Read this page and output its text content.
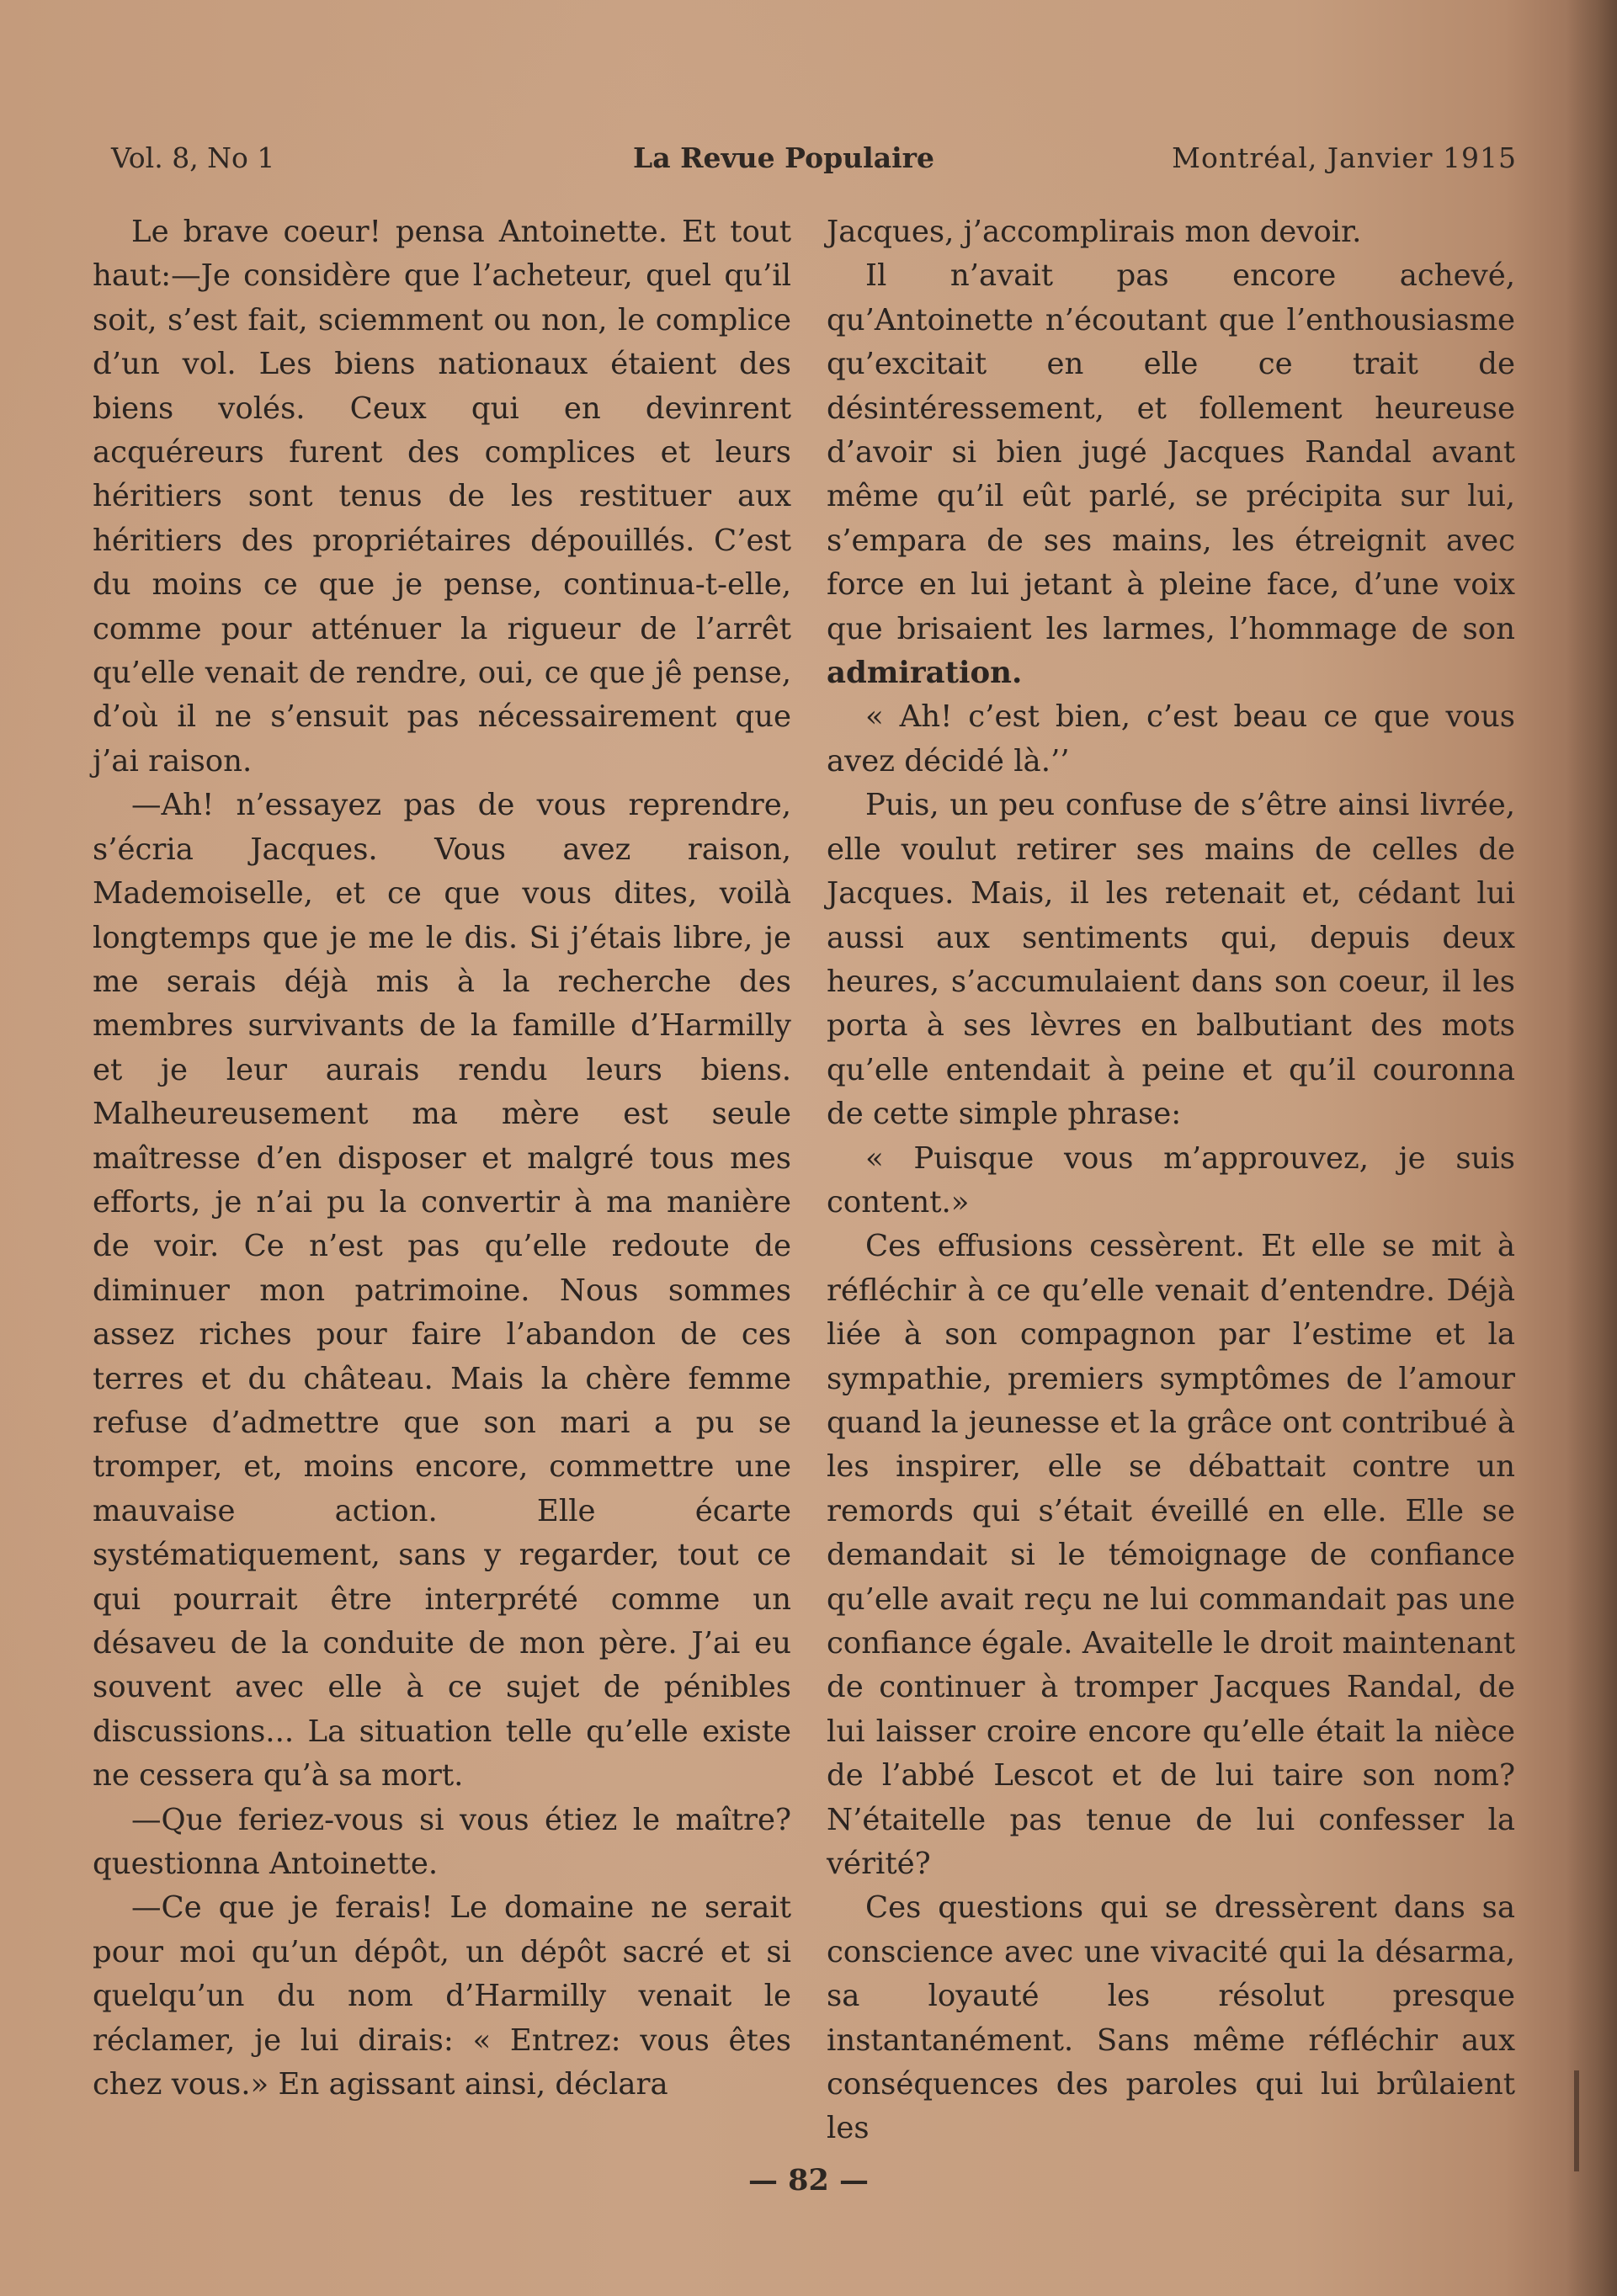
Vol. 8, No 1	La Revue Populaire	Montréal, Janvier 1915

Le brave coeur! pensa Antoinette. Et tout haut:—Je considère que l’acheteur, quel qu’il soit, s’est fait, sciemment ou non, le complice d’un vol. Les biens nationaux étaient des biens volés. Ceux qui en devinrent acquéreurs furent des complices et leurs héritiers sont tenus de les restituer aux héritiers des propriétaires dépouillés. C’est du moins ce que je pense, continua-t-elle, comme pour atténuer la rigueur de l’arrêt qu’elle venait de rendre, oui, ce que jê pense, d’où il ne s’ensuit pas nécessairement que j’ai raison.

—Ah! n’essayez pas de vous reprendre, s’écria Jacques. Vous avez raison, Mademoiselle, et ce que vous dites, voilà longtemps que je me le dis. Si j’étais libre, je me serais déjà mis à la recherche des membres survivants de la famille d’Harmilly et je leur aurais rendu leurs biens. Malheureusement ma mère est seule maîtresse d’en disposer et malgré tous mes efforts, je n’ai pu la convertir à ma manière de voir. Ce n’est pas qu’elle redoute de diminuer mon patrimoine. Nous sommes assez riches pour faire l’abandon de ces terres et du château. Mais la chère femme refuse d’admettre que son mari a pu se tromper, et, moins encore, commettre une mauvaise action. Elle écarte systématiquement, sans y regarder, tout ce qui pourrait être interprété comme un désaveu de la conduite de mon père. J’ai eu souvent avec elle à ce sujet de pénibles discussions... La situation telle qu’elle existe ne cessera qu’à sa mort.

—Que feriez-vous si vous étiez le maître? questionna Antoinette.

—Ce que je ferais! Le domaine ne serait pour moi qu’un dépôt, un dépôt sacré et si quelqu’un du nom d’Harmilly venait le réclamer, je lui dirais: « Entrez: vous êtes chez vous.» En agissant ainsi, déclara

Jacques, j’accomplirais mon devoir.

Il n’avait pas encore achevé, qu’Antoinette n’écoutant que l’enthousiasme qu’excitait en elle ce trait de désintéressement, et follement heureuse d’avoir si bien jugé Jacques Randal avant même qu’il eût parlé, se précipita sur lui, s’empara de ses mains, les étreignit avec force en lui jetant à pleine face, d’une voix que brisaient les larmes, l’hommage de son admiration.

« Ah! c’est bien, c’est beau ce que vous avez décidé là.’’

Puis, un peu confuse de s’être ainsi livrée, elle voulut retirer ses mains de celles de Jacques. Mais, il les retenait et, cédant lui aussi aux sentiments qui, depuis deux heures, s’accumulaient dans son coeur, il les porta à ses lèvres en balbutiant des mots qu’elle entendait à peine et qu’il couronna de cette simple phrase:

« Puisque vous m’approuvez, je suis content.»

Ces effusions cessèrent. Et elle se mit à réfléchir à ce qu’elle venait d’entendre. Déjà liée à son compagnon par l’estime et la sympathie, premiers symptômes de l’amour quand la jeunesse et la grâce ont contribué à les inspirer, elle se débattait contre un remords qui s’était éveillé en elle. Elle se demandait si le témoignage de confiance qu’elle avait reçu ne lui commandait pas une confiance égale. Avaitelle le droit maintenant de continuer à tromper Jacques Randal, de lui laisser croire encore qu’elle était la nièce de l’abbé Lescot et de lui taire son nom? N’étaitelle pas tenue de lui confesser la vérité?

Ces questions qui se dressèrent dans sa conscience avec une vivacité qui la désarma, sa loyauté les résolut presque instantanément. Sans même réfléchir aux conséquences des paroles qui lui brûlaient les

— 82 —
